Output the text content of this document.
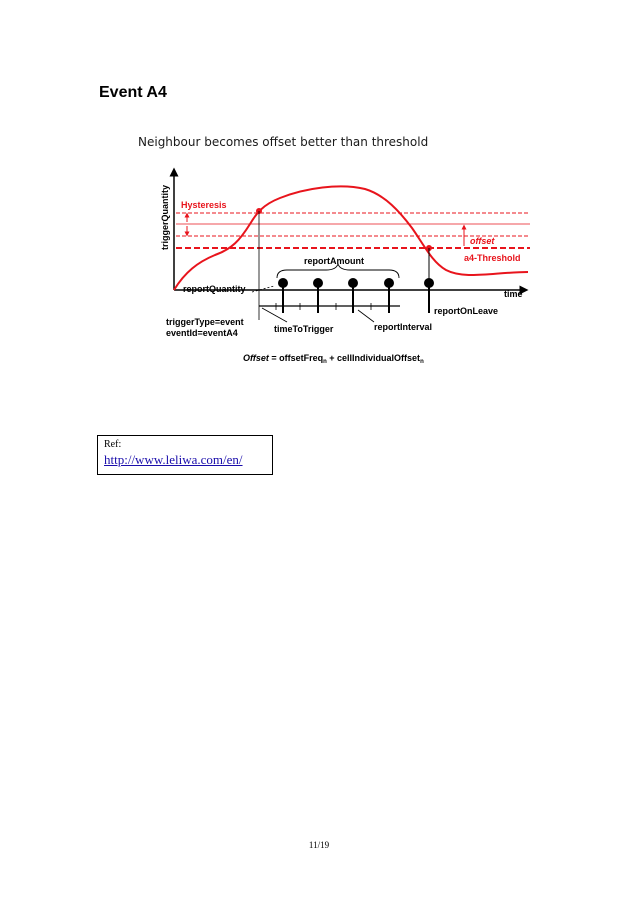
Event A4
Neighbour becomes offset better than threshold
triggerQuantity
time
Hysteresis
offset
a4-Threshold
reportQuantity
reportAmount
reportOnLeave
triggerType=event
eventId=eventA4	timeToTrigger	reportInterval
Offset = offsetFreq$_n$ + cellIndividualOffset$_n$
Ref:
http://www.leliwa.com/en/
11/19
